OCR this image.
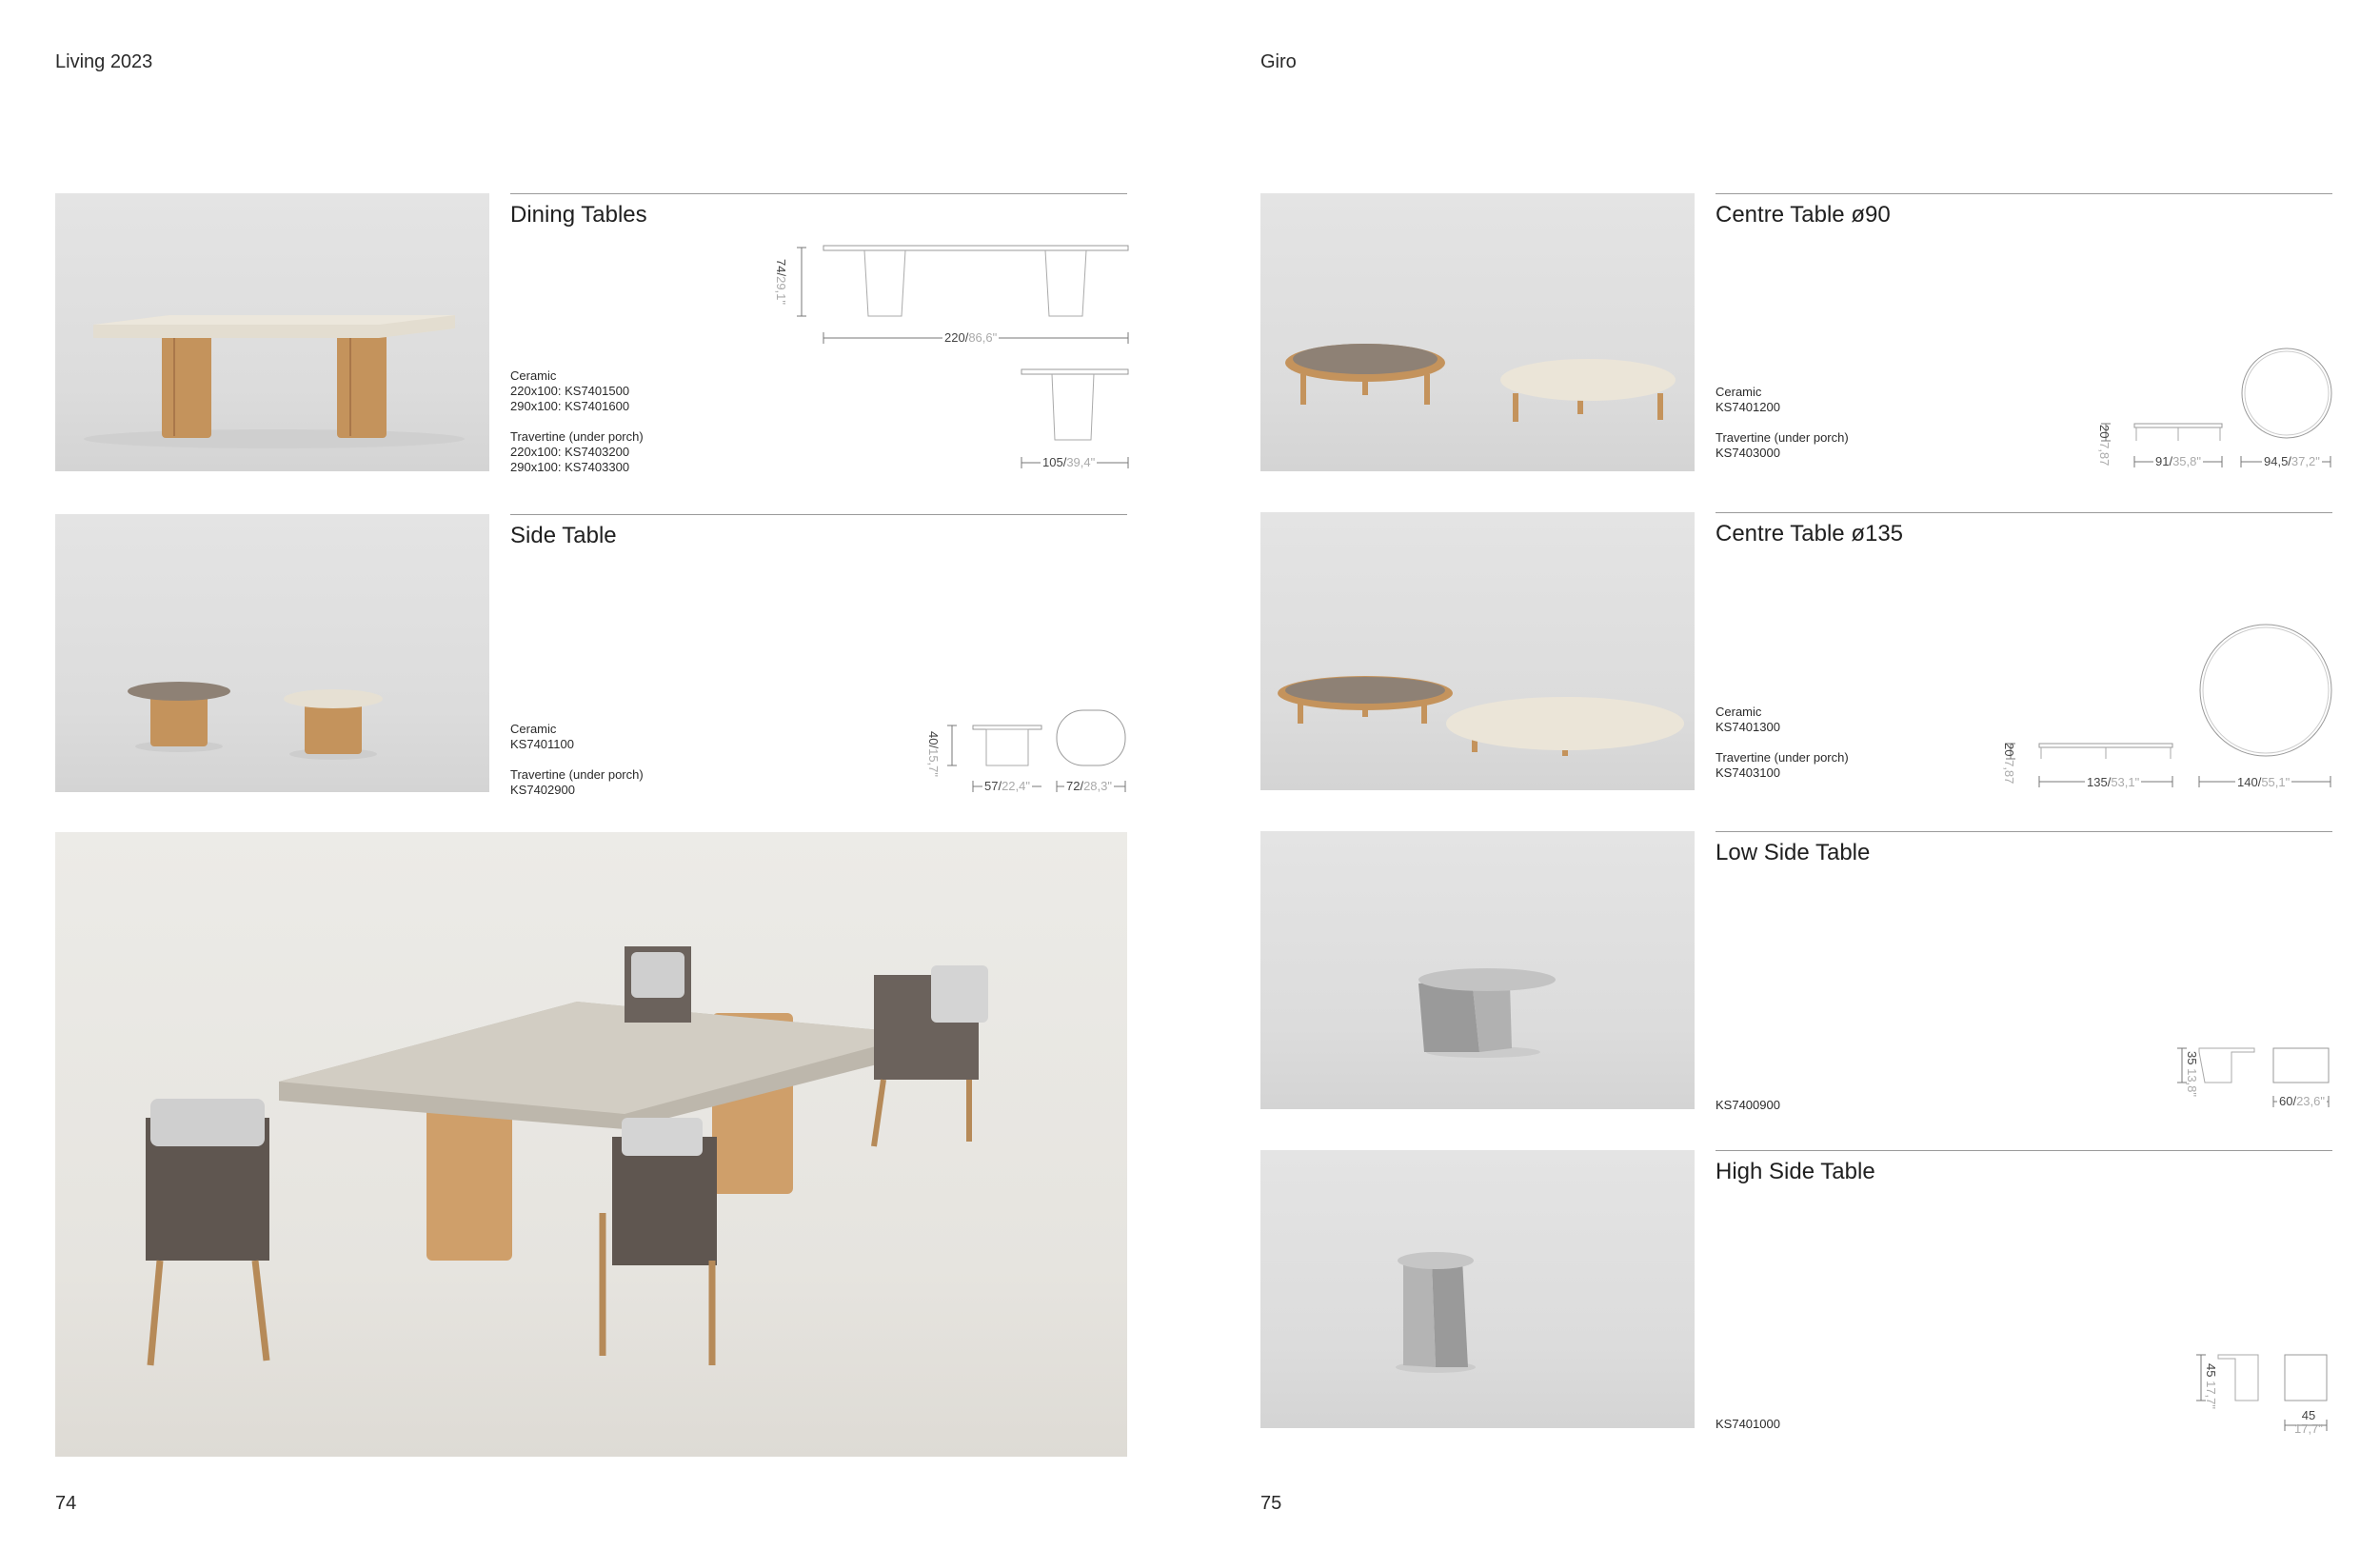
Living 2023
74
Dining Tables
74/29,1"
220/86,6"
105/39,4"
Ceramic
220x100: KS7401500
290x100: KS7401600

Travertine (under porch)
220x100: KS7403200
290x100: KS7403300
Side Table
40/15,7"
57/22,4"	72/28,3"
Ceramic
KS7401100

Travertine (under porch)
KS7402900
Giro
75
Centre Table ø90
20 7,87	91/35,8"	94,5/37,2"
Ceramic
KS7401200

Travertine (under porch)
KS7403000
Centre Table ø135
20 7,87	135/53,1"	140/55,1"
Ceramic
KS7401300

Travertine (under porch)
KS7403100
Low Side Table
35 13,8"
60/23,6"
KS7400900
High Side Table
45 17,7"
45
17,7"
KS7401000
